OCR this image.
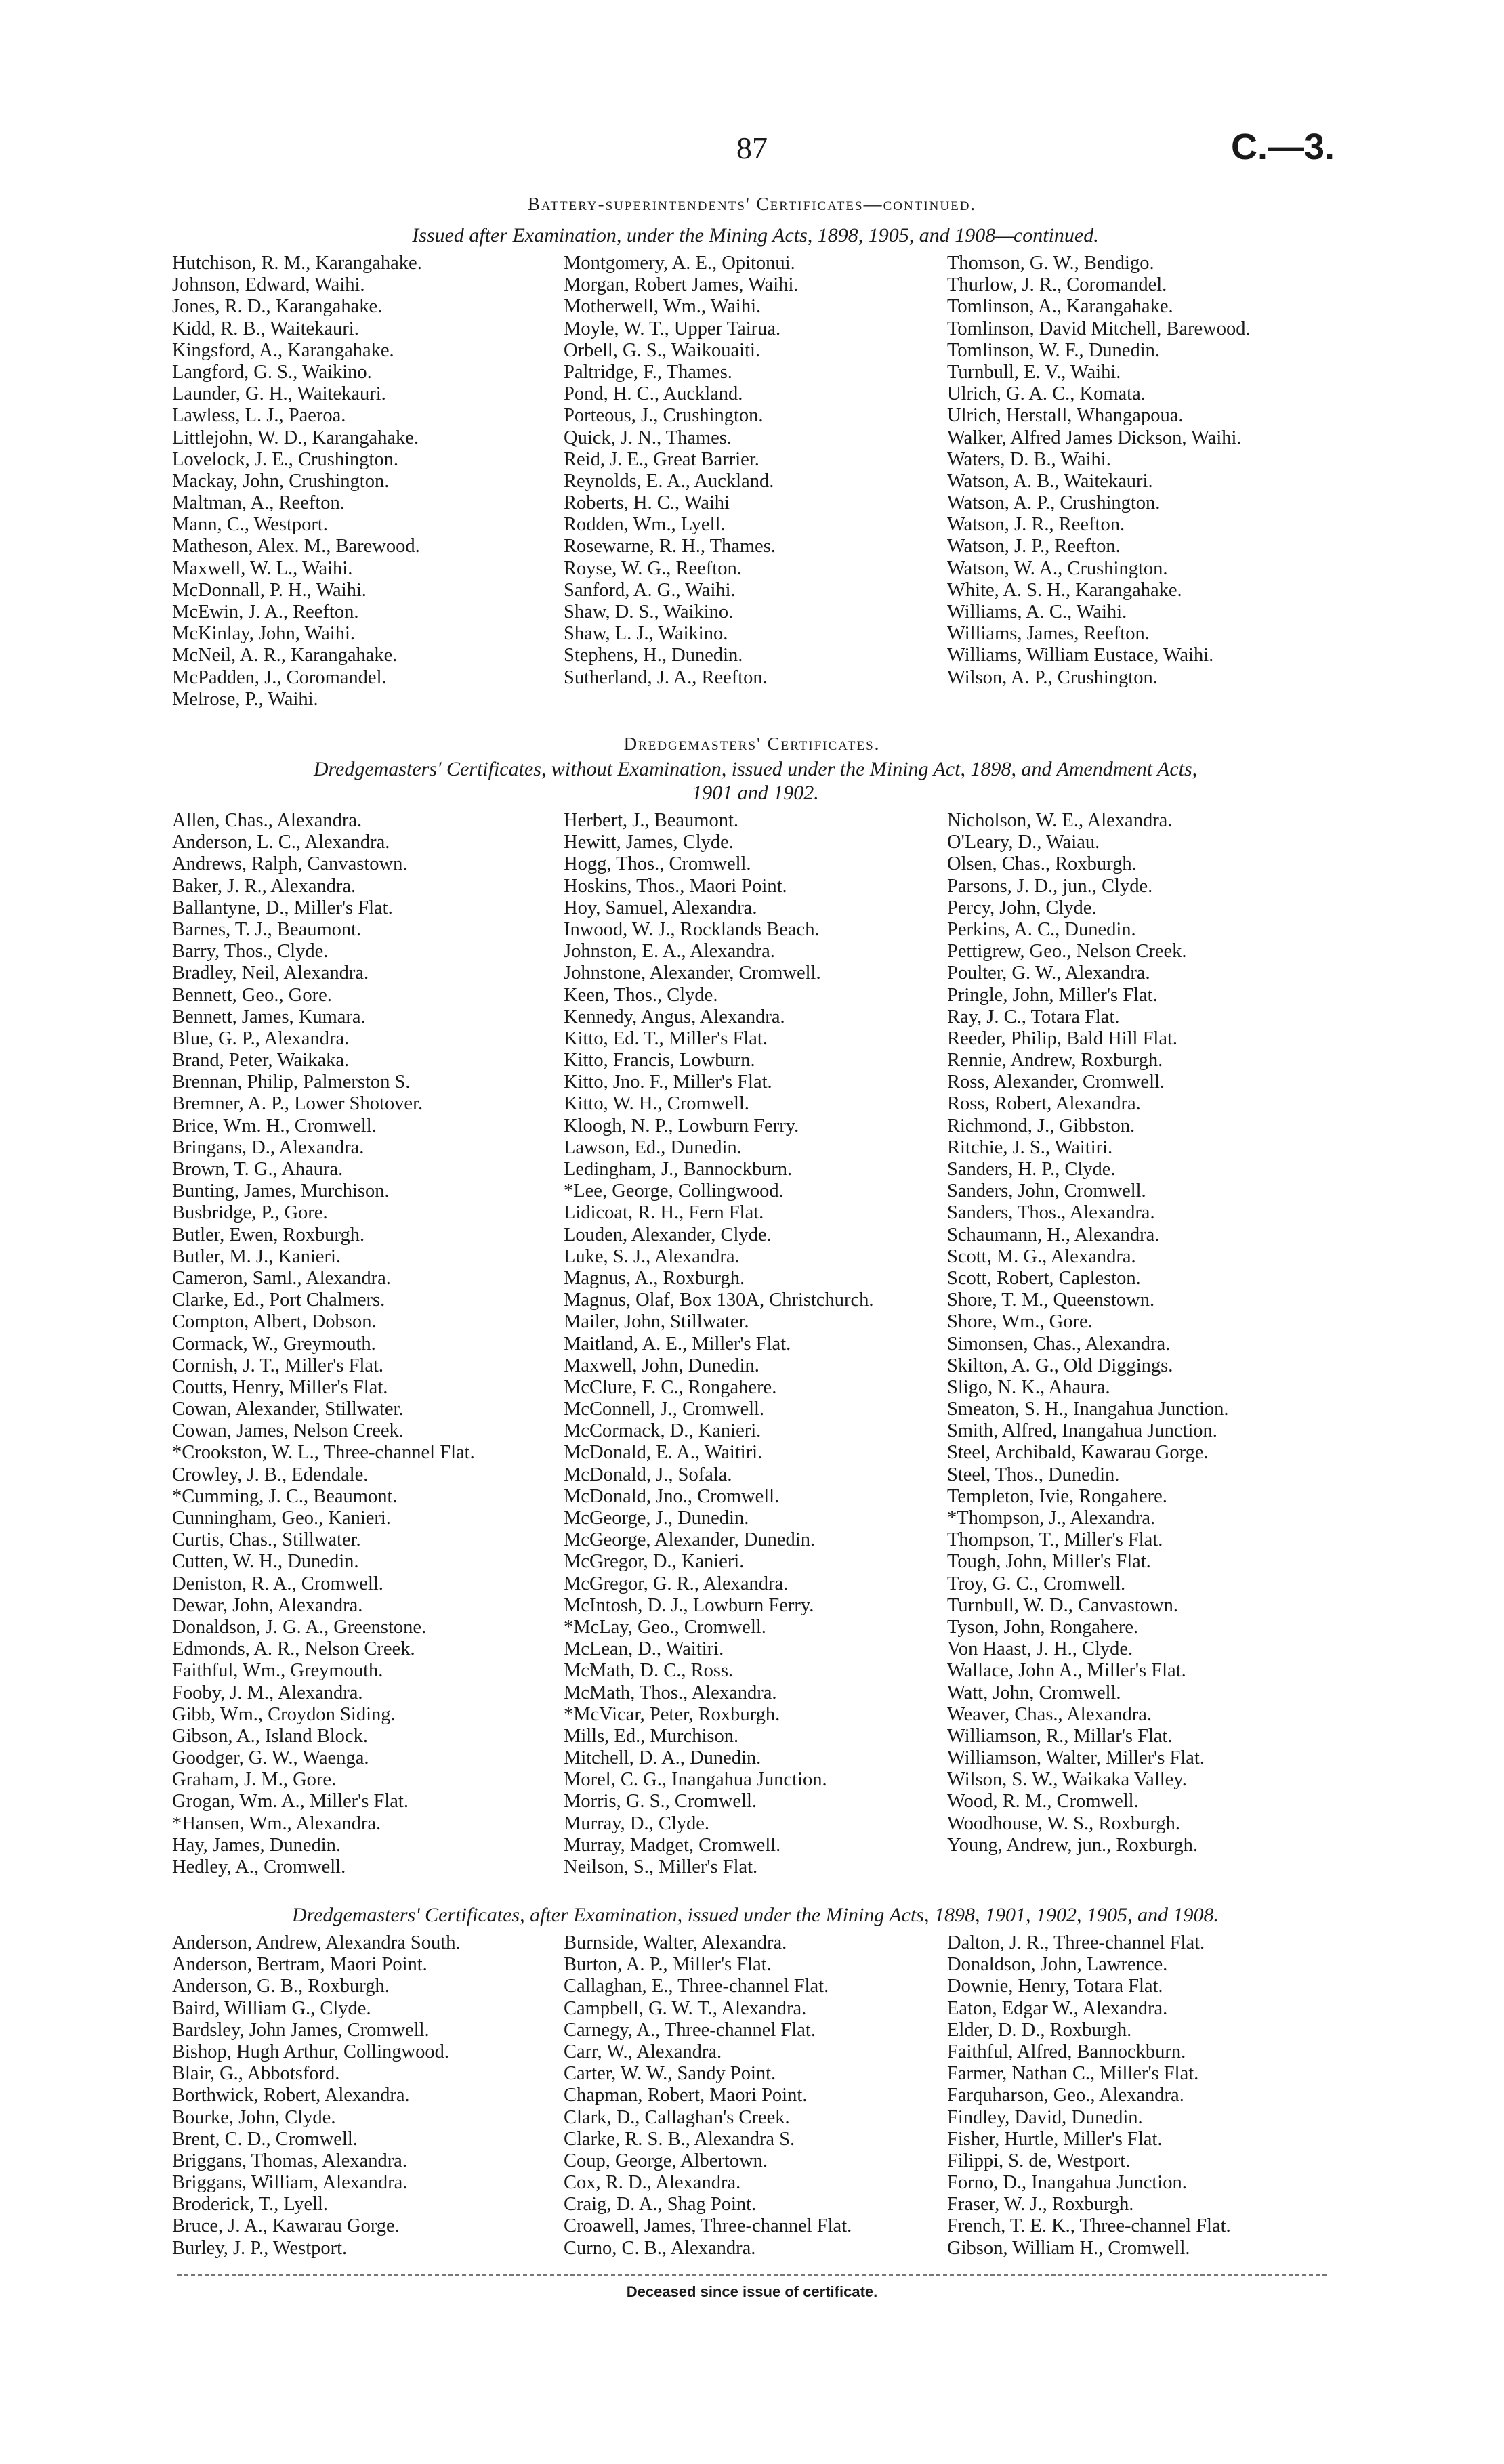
87	C.—3.
Battery-superintendents' Certificates—continued.
Issued after Examination, under the Mining Acts, 1898, 1905, and 1908—continued.
Hutchison, R. M., Karangahake.
Johnson, Edward, Waihi.
Jones, R. D., Karangahake.
Kidd, R. B., Waitekauri.
Kingsford, A., Karangahake.
Langford, G. S., Waikino.
Launder, G. H., Waitekauri.
Lawless, L. J., Paeroa.
Littlejohn, W. D., Karangahake.
Lovelock, J. E., Crushington.
Mackay, John, Crushington.
Maltman, A., Reefton.
Mann, C., Westport.
Matheson, Alex. M., Barewood.
Maxwell, W. L., Waihi.
McDonnall, P. H., Waihi.
McEwin, J. A., Reefton.
McKinlay, John, Waihi.
McNeil, A. R., Karangahake.
McPadden, J., Coromandel.
Melrose, P., Waihi.
Montgomery, A. E., Opitonui.
Morgan, Robert James, Waihi.
Motherwell, Wm., Waihi.
Moyle, W. T., Upper Tairua.
Orbell, G. S., Waikouaiti.
Paltridge, F., Thames.
Pond, H. C., Auckland.
Porteous, J., Crushington.
Quick, J. N., Thames.
Reid, J. E., Great Barrier.
Reynolds, E. A., Auckland.
Roberts, H. C., Waihi
Rodden, Wm., Lyell.
Rosewarne, R. H., Thames.
Royse, W. G., Reefton.
Sanford, A. G., Waihi.
Shaw, D. S., Waikino.
Shaw, L. J., Waikino.
Stephens, H., Dunedin.
Sutherland, J. A., Reefton.
Thomson, G. W., Bendigo.
Thurlow, J. R., Coromandel.
Tomlinson, A., Karangahake.
Tomlinson, David Mitchell, Barewood.
Tomlinson, W. F., Dunedin.
Turnbull, E. V., Waihi.
Ulrich, G. A. C., Komata.
Ulrich, Herstall, Whangapoua.
Walker, Alfred James Dickson, Waihi.
Waters, D. B., Waihi.
Watson, A. B., Waitekauri.
Watson, A. P., Crushington.
Watson, J. R., Reefton.
Watson, J. P., Reefton.
Watson, W. A., Crushington.
White, A. S. H., Karangahake.
Williams, A. C., Waihi.
Williams, James, Reefton.
Williams, William Eustace, Waihi.
Wilson, A. P., Crushington.
Dredgemasters' Certificates.
Dredgemasters' Certificates, without Examination, issued under the Mining Act, 1898, and Amendment Acts,
1901 and 1902.
Allen, Chas., Alexandra.
Anderson, L. C., Alexandra.
Andrews, Ralph, Canvastown.
Baker, J. R., Alexandra.
Ballantyne, D., Miller's Flat.
Barnes, T. J., Beaumont.
Barry, Thos., Clyde.
Bradley, Neil, Alexandra.
Bennett, Geo., Gore.
Bennett, James, Kumara.
Blue, G. P., Alexandra.
Brand, Peter, Waikaka.
Brennan, Philip, Palmerston S.
Bremner, A. P., Lower Shotover.
Brice, Wm. H., Cromwell.
Bringans, D., Alexandra.
Brown, T. G., Ahaura.
Bunting, James, Murchison.
Busbridge, P., Gore.
Butler, Ewen, Roxburgh.
Butler, M. J., Kanieri.
Cameron, Saml., Alexandra.
Clarke, Ed., Port Chalmers.
Compton, Albert, Dobson.
Cormack, W., Greymouth.
Cornish, J. T., Miller's Flat.
Coutts, Henry, Miller's Flat.
Cowan, Alexander, Stillwater.
Cowan, James, Nelson Creek.
*Crookston, W. L., Three-channel Flat.
Crowley, J. B., Edendale.
*Cumming, J. C., Beaumont.
Cunningham, Geo., Kanieri.
Curtis, Chas., Stillwater.
Cutten, W. H., Dunedin.
Deniston, R. A., Cromwell.
Dewar, John, Alexandra.
Donaldson, J. G. A., Greenstone.
Edmonds, A. R., Nelson Creek.
Faithful, Wm., Greymouth.
Fooby, J. M., Alexandra.
Gibb, Wm., Croydon Siding.
Gibson, A., Island Block.
Goodger, G. W., Waenga.
Graham, J. M., Gore.
Grogan, Wm. A., Miller's Flat.
*Hansen, Wm., Alexandra.
Hay, James, Dunedin.
Hedley, A., Cromwell.
Herbert, J., Beaumont.
Hewitt, James, Clyde.
Hogg, Thos., Cromwell.
Hoskins, Thos., Maori Point.
Hoy, Samuel, Alexandra.
Inwood, W. J., Rocklands Beach.
Johnston, E. A., Alexandra.
Johnstone, Alexander, Cromwell.
Keen, Thos., Clyde.
Kennedy, Angus, Alexandra.
Kitto, Ed. T., Miller's Flat.
Kitto, Francis, Lowburn.
Kitto, Jno. F., Miller's Flat.
Kitto, W. H., Cromwell.
Kloogh, N. P., Lowburn Ferry.
Lawson, Ed., Dunedin.
Ledingham, J., Bannockburn.
*Lee, George, Collingwood.
Lidicoat, R. H., Fern Flat.
Louden, Alexander, Clyde.
Luke, S. J., Alexandra.
Magnus, A., Roxburgh.
Magnus, Olaf, Box 130A, Christchurch.
Mailer, John, Stillwater.
Maitland, A. E., Miller's Flat.
Maxwell, John, Dunedin.
McClure, F. C., Rongahere.
McConnell, J., Cromwell.
McCormack, D., Kanieri.
McDonald, E. A., Waitiri.
McDonald, J., Sofala.
McDonald, Jno., Cromwell.
McGeorge, J., Dunedin.
McGeorge, Alexander, Dunedin.
McGregor, D., Kanieri.
McGregor, G. R., Alexandra.
McIntosh, D. J., Lowburn Ferry.
*McLay, Geo., Cromwell.
McLean, D., Waitiri.
McMath, D. C., Ross.
McMath, Thos., Alexandra.
*McVicar, Peter, Roxburgh.
Mills, Ed., Murchison.
Mitchell, D. A., Dunedin.
Morel, C. G., Inangahua Junction.
Morris, G. S., Cromwell.
Murray, D., Clyde.
Murray, Madget, Cromwell.
Neilson, S., Miller's Flat.
Nicholson, W. E., Alexandra.
O'Leary, D., Waiau.
Olsen, Chas., Roxburgh.
Parsons, J. D., jun., Clyde.
Percy, John, Clyde.
Perkins, A. C., Dunedin.
Pettigrew, Geo., Nelson Creek.
Poulter, G. W., Alexandra.
Pringle, John, Miller's Flat.
Ray, J. C., Totara Flat.
Reeder, Philip, Bald Hill Flat.
Rennie, Andrew, Roxburgh.
Ross, Alexander, Cromwell.
Ross, Robert, Alexandra.
Richmond, J., Gibbston.
Ritchie, J. S., Waitiri.
Sanders, H. P., Clyde.
Sanders, John, Cromwell.
Sanders, Thos., Alexandra.
Schaumann, H., Alexandra.
Scott, M. G., Alexandra.
Scott, Robert, Capleston.
Shore, T. M., Queenstown.
Shore, Wm., Gore.
Simonsen, Chas., Alexandra.
Skilton, A. G., Old Diggings.
Sligo, N. K., Ahaura.
Smeaton, S. H., Inangahua Junction.
Smith, Alfred, Inangahua Junction.
Steel, Archibald, Kawarau Gorge.
Steel, Thos., Dunedin.
Templeton, Ivie, Rongahere.
*Thompson, J., Alexandra.
Thompson, T., Miller's Flat.
Tough, John, Miller's Flat.
Troy, G. C., Cromwell.
Turnbull, W. D., Canvastown.
Tyson, John, Rongahere.
Von Haast, J. H., Clyde.
Wallace, John A., Miller's Flat.
Watt, John, Cromwell.
Weaver, Chas., Alexandra.
Williamson, R., Millar's Flat.
Williamson, Walter, Miller's Flat.
Wilson, S. W., Waikaka Valley.
Wood, R. M., Cromwell.
Woodhouse, W. S., Roxburgh.
Young, Andrew, jun., Roxburgh.
Dredgemasters' Certificates, after Examination, issued under the Mining Acts, 1898, 1901, 1902, 1905, and 1908.
Anderson, Andrew, Alexandra South.
Anderson, Bertram, Maori Point.
Anderson, G. B., Roxburgh.
Baird, William G., Clyde.
Bardsley, John James, Cromwell.
Bishop, Hugh Arthur, Collingwood.
Blair, G., Abbotsford.
Borthwick, Robert, Alexandra.
Bourke, John, Clyde.
Brent, C. D., Cromwell.
Briggans, Thomas, Alexandra.
Briggans, William, Alexandra.
Broderick, T., Lyell.
Bruce, J. A., Kawarau Gorge.
Burley, J. P., Westport.
Burnside, Walter, Alexandra.
Burton, A. P., Miller's Flat.
Callaghan, E., Three-channel Flat.
Campbell, G. W. T., Alexandra.
Carnegy, A., Three-channel Flat.
Carr, W., Alexandra.
Carter, W. W., Sandy Point.
Chapman, Robert, Maori Point.
Clark, D., Callaghan's Creek.
Clarke, R. S. B., Alexandra S.
Coup, George, Albertown.
Cox, R. D., Alexandra.
Craig, D. A., Shag Point.
Croawell, James, Three-channel Flat.
Curno, C. B., Alexandra.
Dalton, J. R., Three-channel Flat.
Donaldson, John, Lawrence.
Downie, Henry, Totara Flat.
Eaton, Edgar W., Alexandra.
Elder, D. D., Roxburgh.
Faithful, Alfred, Bannockburn.
Farmer, Nathan C., Miller's Flat.
Farquharson, Geo., Alexandra.
Findley, David, Dunedin.
Fisher, Hurtle, Miller's Flat.
Filippi, S. de, Westport.
Forno, D., Inangahua Junction.
Fraser, W. J., Roxburgh.
French, T. E. K., Three-channel Flat.
Gibson, William H., Cromwell.
Deceased since issue of certificate.
